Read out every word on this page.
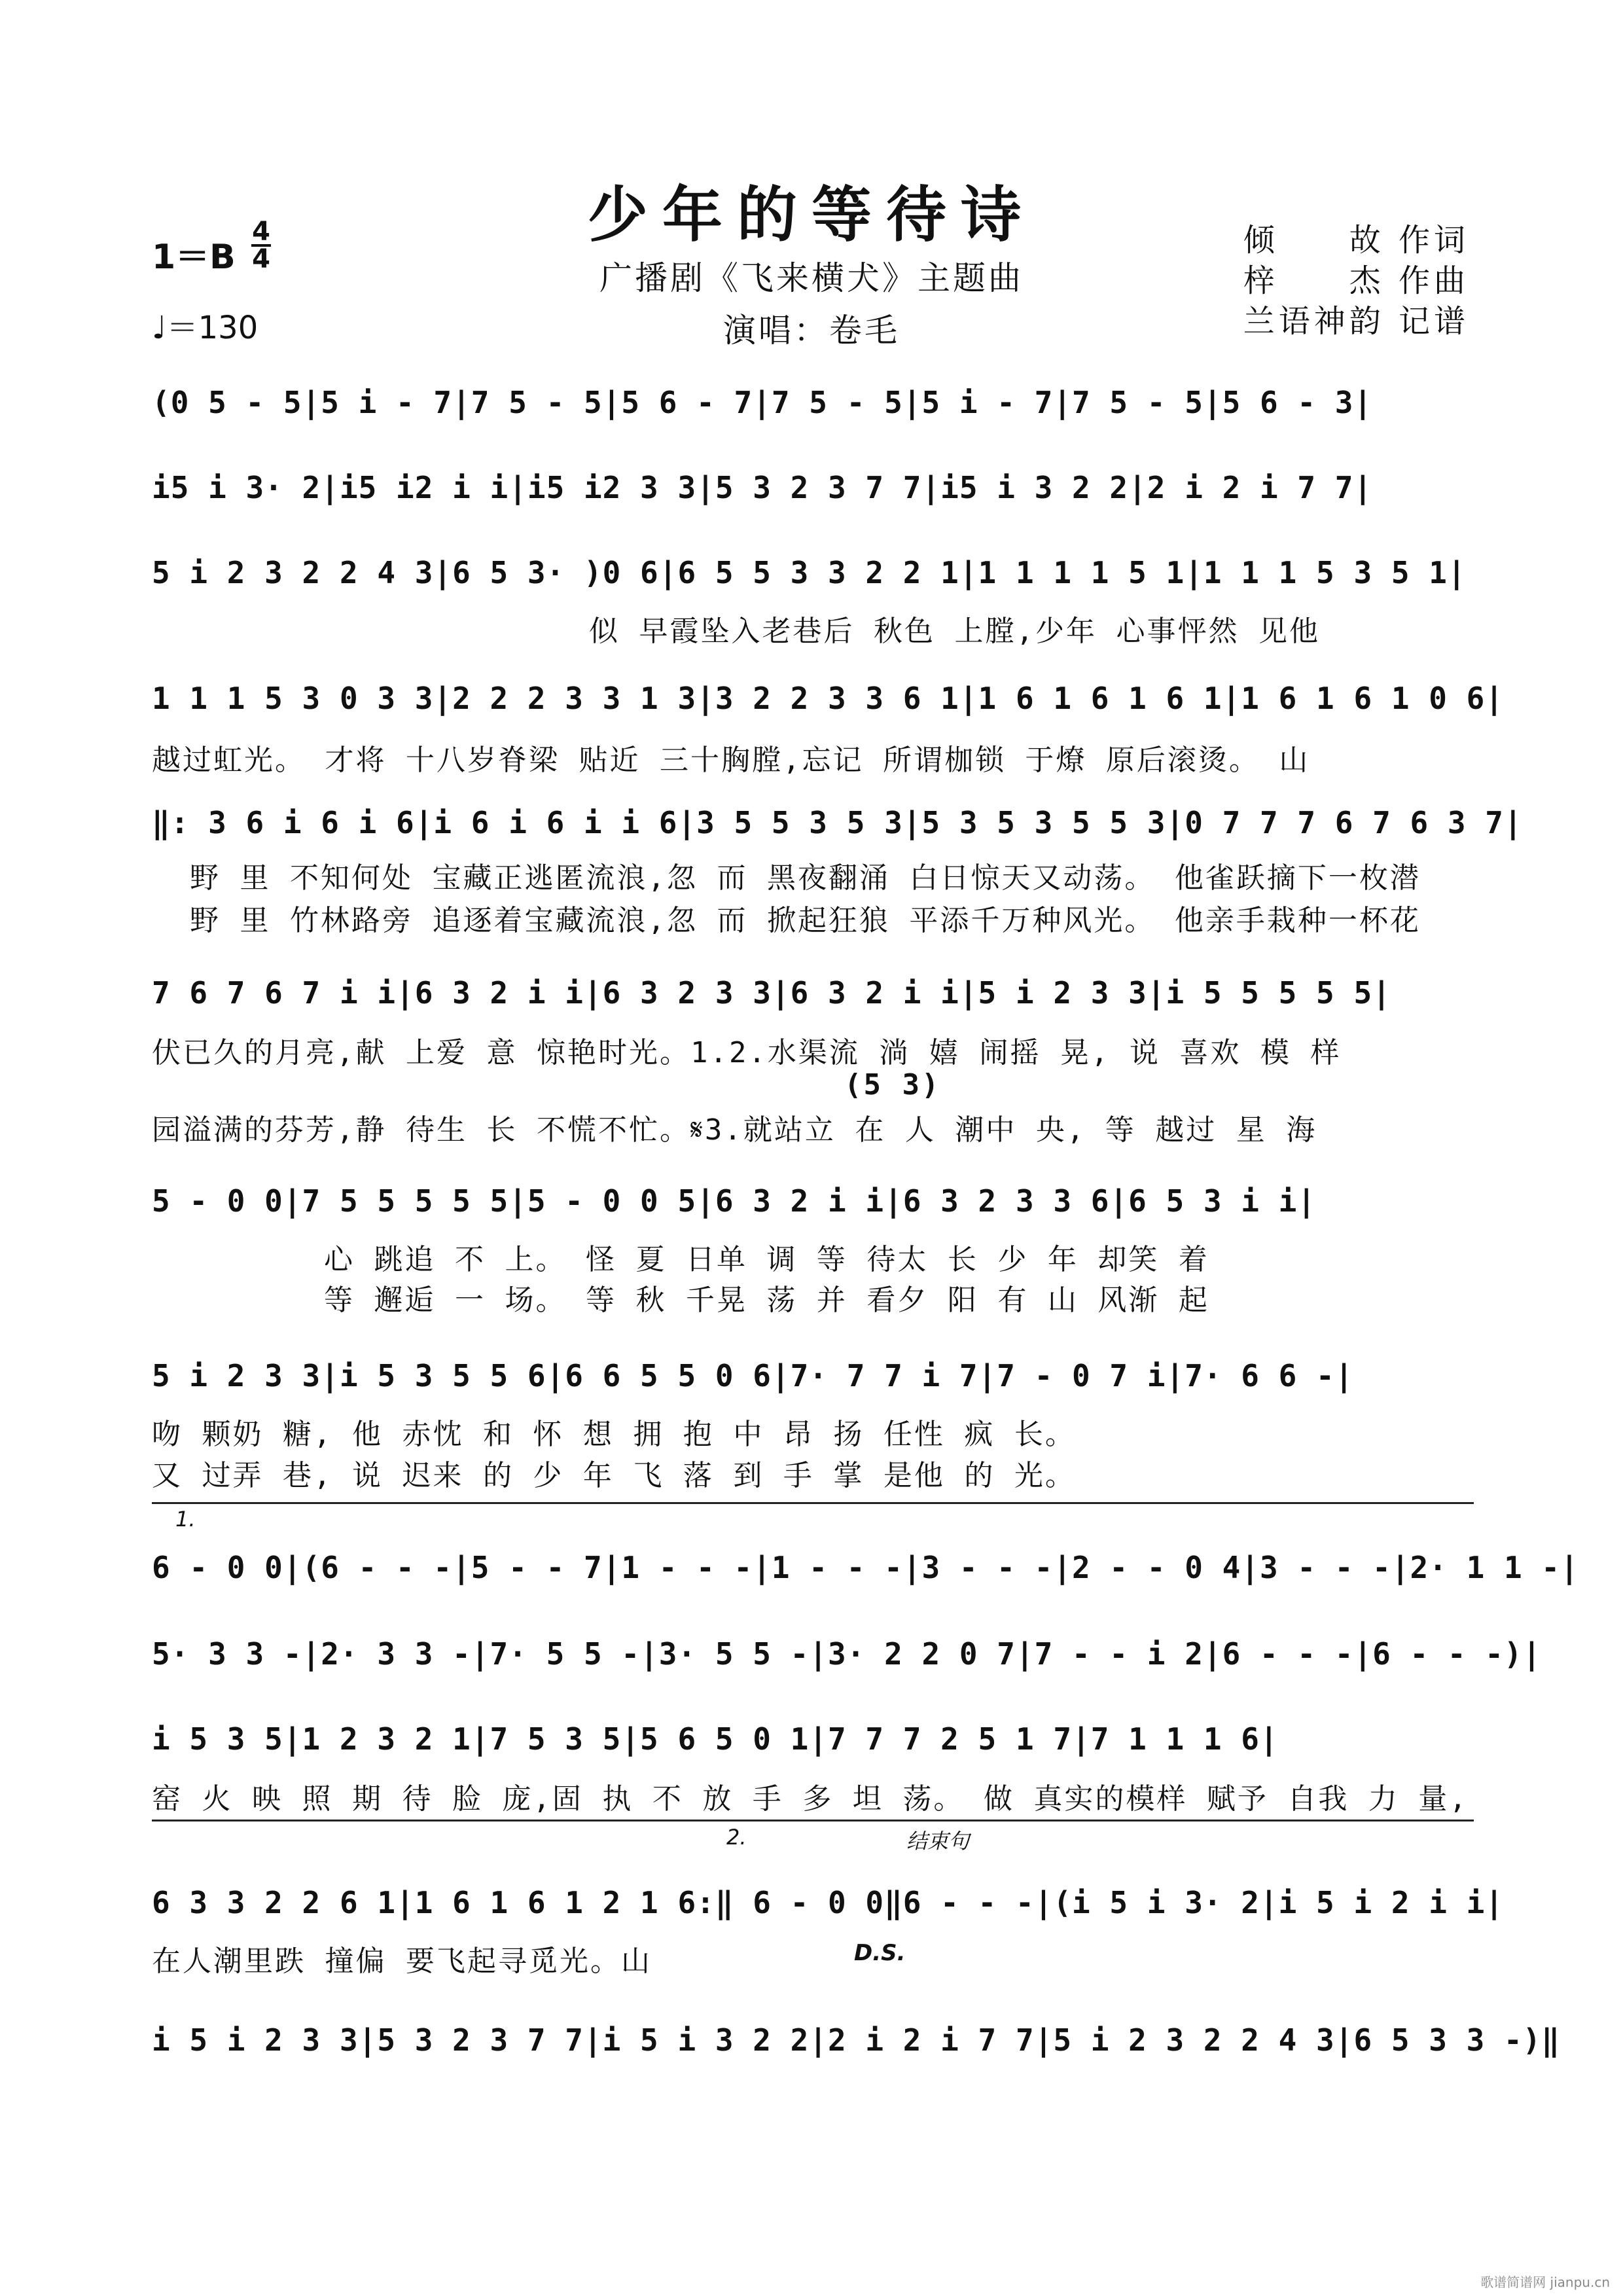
少年的等待诗
广播剧《飞来横犬》主题曲
演唱：卷毛
1＝B
4
4
♩＝130
倾　　故 作词
梓　　杰 作曲
兰语神韵 记谱
(0 5 - 5|5 i - 7|7 5 - 5|5 6 - 7|7 5 - 5|5 i - 7|7 5 - 5|5 6 - 3|
i5 i 3· 2|i5 i2 i i|i5 i2 3 3|5 3 2 3 7 7|i5 i 3 2 2|2 i 2 i 7 7|
5 i 2 3 2 2 4 3|6 5 3· )0 6|6 5 5 3 3 2 2 1|1 1 1 1 5 1|1 1 1 5 3 5 1|
似 早霞坠入老巷后 秋色 上膛,少年 心事怦然 见他
1 1 1 5 3 0 3 3|2 2 2 3 3 1 3|3 2 2 3 3 6 1|1 6 1 6 1 6 1|1 6 1 6 1 0 6|
越过虹光。 才将 十八岁脊梁 贴近 三十胸膛,忘记 所谓枷锁 于燎 原后滚烫。 山
‖: 3 6 i 6 i 6|i 6 i 6 i i 6|3 5 5 3 5 3|5 3 5 3 5 5 3|0 7 7 7 6 7 6 3 7|
野 里 不知何处 宝藏正逃匿流浪,忽 而 黑夜翻涌 白日惊天又动荡。 他雀跃摘下一枚潜
野 里 竹林路旁 追逐着宝藏流浪,忽 而 掀起狂狼 平添千万种风光。 他亲手栽种一杯花
7 6 7 6 7 i i|6 3 2 i i|6 3 2 3 3|6 3 2 i i|5 i 2 3 3|i 5 5 5 5 5|
伏已久的月亮,献 上爱 意 惊艳时光。1.2.水渠流 淌 嬉 闹摇 晃, 说 喜欢 模 样
(5 3)
园溢满的芬芳,静 待生 长 不慌不忙。𝄋3.就站立 在 人 潮中 央, 等 越过 星 海
5 - 0 0|7 5 5 5 5 5|5 - 0 0 5|6 3 2 i i|6 3 2 3 3 6|6 5 3 i i|
心 跳追 不 上。 怪 夏 日单 调 等 待太 长 少 年 却笑 着
等 邂逅 一 场。 等 秋 千晃 荡 并 看夕 阳 有 山 风渐 起
5 i 2 3 3|i 5 3 5 5 6|6 6 5 5 0 6|7· 7 7 i 7|7 - 0 7 i|7· 6 6 -|
吻 颗奶 糖, 他 赤忱 和 怀 想 拥 抱 中 昂 扬 任性 疯 长。
又 过弄 巷, 说 迟来 的 少 年 飞 落 到 手 掌 是他 的 光。
1.
6 - 0 0|(6 - - -|5 - - 7|1 - - -|1 - - -|3 - - -|2 - - 0 4|3 - - -|2· 1 1 -|
5· 3 3 -|2· 3 3 -|7· 5 5 -|3· 5 5 -|3· 2 2 0 7|7 - - i 2|6 - - -|6 - - -)|
i 5 3 5|1 2 3 2 1|7 5 3 5|5 6 5 0 1|7 7 7 2 5 1 7|7 1 1 1 6|
窑 火 映 照 期 待 脸 庞,固 执 不 放 手 多 坦 荡。 做 真实的模样 赋予 自我 力 量,
2.	结束句
6 3 3 2 2 6 1|1 6 1 6 1 2 1 6:‖ 6 - 0 0‖6 - - -|(i 5 i 3· 2|i 5 i 2 i i|
在人潮里跌 撞偏 要飞起寻觅光。山	D.S.
i 5 i 2 3 3|5 3 2 3 7 7|i 5 i 3 2 2|2 i 2 i 7 7|5 i 2 3 2 2 4 3|6 5 3 3 -)‖
歌谱简谱网 jianpu.cn
